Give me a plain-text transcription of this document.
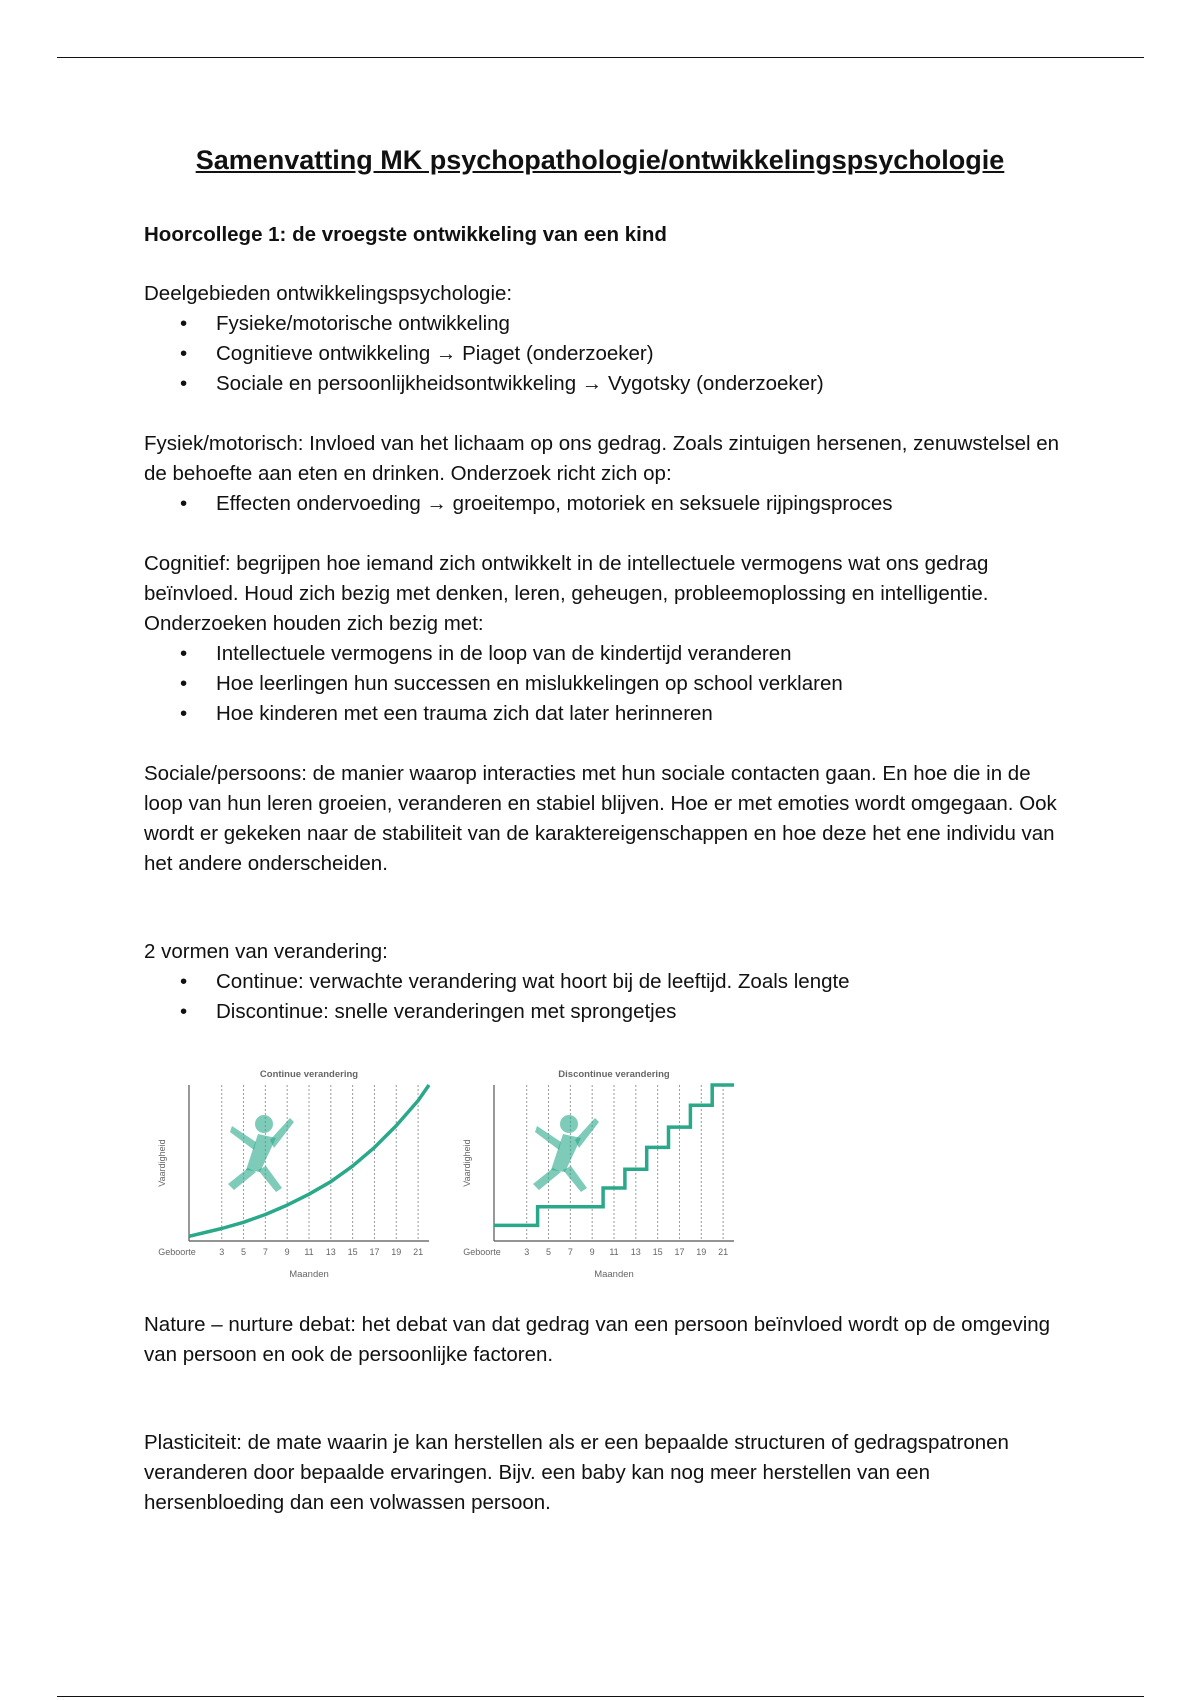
Samenvatting MK psychopathologie/ontwikkelingspsychologie
Hoorcollege 1: de vroegste ontwikkeling van een kind

Deelgebieden ontwikkelingspsychologie:

• Fysieke/motorische ontwikkeling
• Cognitieve ontwikkeling → Piaget (onderzoeker)
• Sociale en persoonlijkheidsontwikkeling → Vygotsky (onderzoeker)

Fysiek/motorisch: Invloed van het lichaam op ons gedrag. Zoals zintuigen hersenen, zenuwstelsel en de behoefte aan eten en drinken. Onderzoek richt zich op:

• Effecten ondervoeding → groeitempo, motoriek en seksuele rijpingsproces

Cognitief: begrijpen hoe iemand zich ontwikkelt in de intellectuele vermogens wat ons gedrag beïnvloed. Houd zich bezig met denken, leren, geheugen, probleemoplossing en intelligentie. Onderzoeken houden zich bezig met:

• Intellectuele vermogens in de loop van de kindertijd veranderen
• Hoe leerlingen hun successen en mislukkelingen op school verklaren
• Hoe kinderen met een trauma zich dat later herinneren

Sociale/persoons: de manier waarop interacties met hun sociale contacten gaan. En hoe die in de loop van hun leren groeien, veranderen en stabiel blijven. Hoe er met emoties wordt omgegaan. Ook wordt er gekeken naar de stabiliteit van de karaktereigenschappen en hoe deze het ene individu van het andere onderscheiden.

2 vormen van verandering:

• Continue: verwachte verandering wat hoort bij de leeftijd. Zoals lengte
• Discontinue: snelle veranderingen met sprongetjes
Continue verandering
Vaardigheid
Maanden
Geboorte	3 5 7 9 11 13 15 17 19 21
Discontinue verandering
Vaardigheid
Maanden
Geboorte	3 5 7 9 11 13 15 17 19 21

Nature – nurture debat: het debat van dat gedrag van een persoon beïnvloed wordt op de omgeving van persoon en ook de persoonlijke factoren.

Plasticiteit: de mate waarin je kan herstellen als er een bepaalde structuren of gedragspatronen veranderen door bepaalde ervaringen. Bijv. een baby kan nog meer herstellen van een hersenbloeding dan een volwassen persoon.
